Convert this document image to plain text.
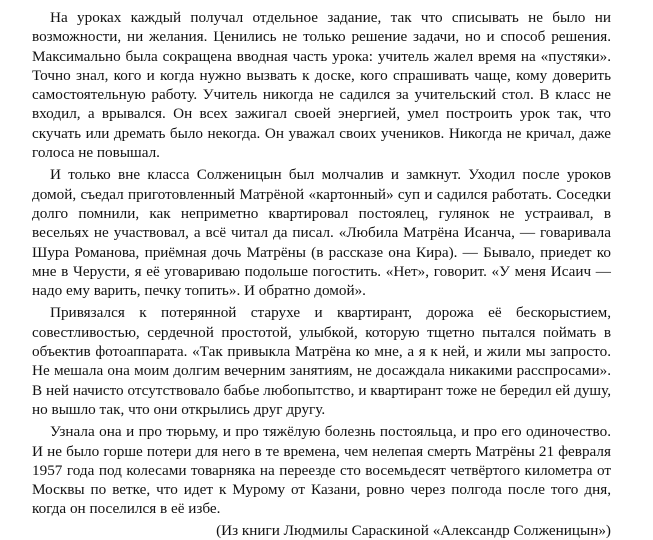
На уроках каждый получал отдельное задание, так что списывать не было ни возможности, ни желания. Ценились не только решение задачи, но и способ решения. Максимально была сокращена вводная часть урока: учитель жалел время на «пустяки». Точно знал, кого и когда нужно вызвать к доске, кого спрашивать чаще, кому доверить самостоятельную работу. Учитель никогда не садился за учительский стол. В класс не входил, а врывался. Он всех зажигал своей энергией, умел построить урок так, что скучать или дремать было некогда. Он уважал своих учеников. Никогда не кричал, даже голоса не повышал.

И только вне класса Солженицын был молчалив и замкнут. Уходил после уроков домой, съедал приготовленный Матрёной «картонный» суп и садился работать. Соседки долго помнили, как неприметно квартировал постоялец, гулянок не устраивал, в весельях не участвовал, а всё читал да писал. «Любила Матрёна Исанча, — говаривала Шура Романова, приёмная дочь Матрёны (в рассказе она Кира). — Бывало, приедет ко мне в Черусти, я её уговариваю подольше погостить. «Нет», говорит. «У меня Исаич — надо ему варить, печку топить». И обратно домой».

Привязался к потерянной старухе и квартирант, дорожа её бескорыстием, совестливостью, сердечной простотой, улыбкой, которую тщетно пытался поймать в объектив фотоаппарата. «Так привыкла Матрёна ко мне, а я к ней, и жили мы запросто. Не мешала она моим долгим вечерним занятиям, не досаждала никакими расспросами». В ней начисто отсутствовало бабье любопытство, и квартирант тоже не бередил ей душу, но вышло так, что они открылись друг другу.

Узнала она и про тюрьму, и про тяжёлую болезнь постояльца, и про его одиночество. И не было горше потери для него в те времена, чем нелепая смерть Матрёны 21 февраля 1957 года под колесами товарняка на переезде сто восемьдесят четвёртого километра от Москвы по ветке, что идет к Мурому от Казани, ровно через полгода после того дня, когда он поселился в её избе.

(Из книги Людмилы Сараскиной «Александр Солженицын»)
